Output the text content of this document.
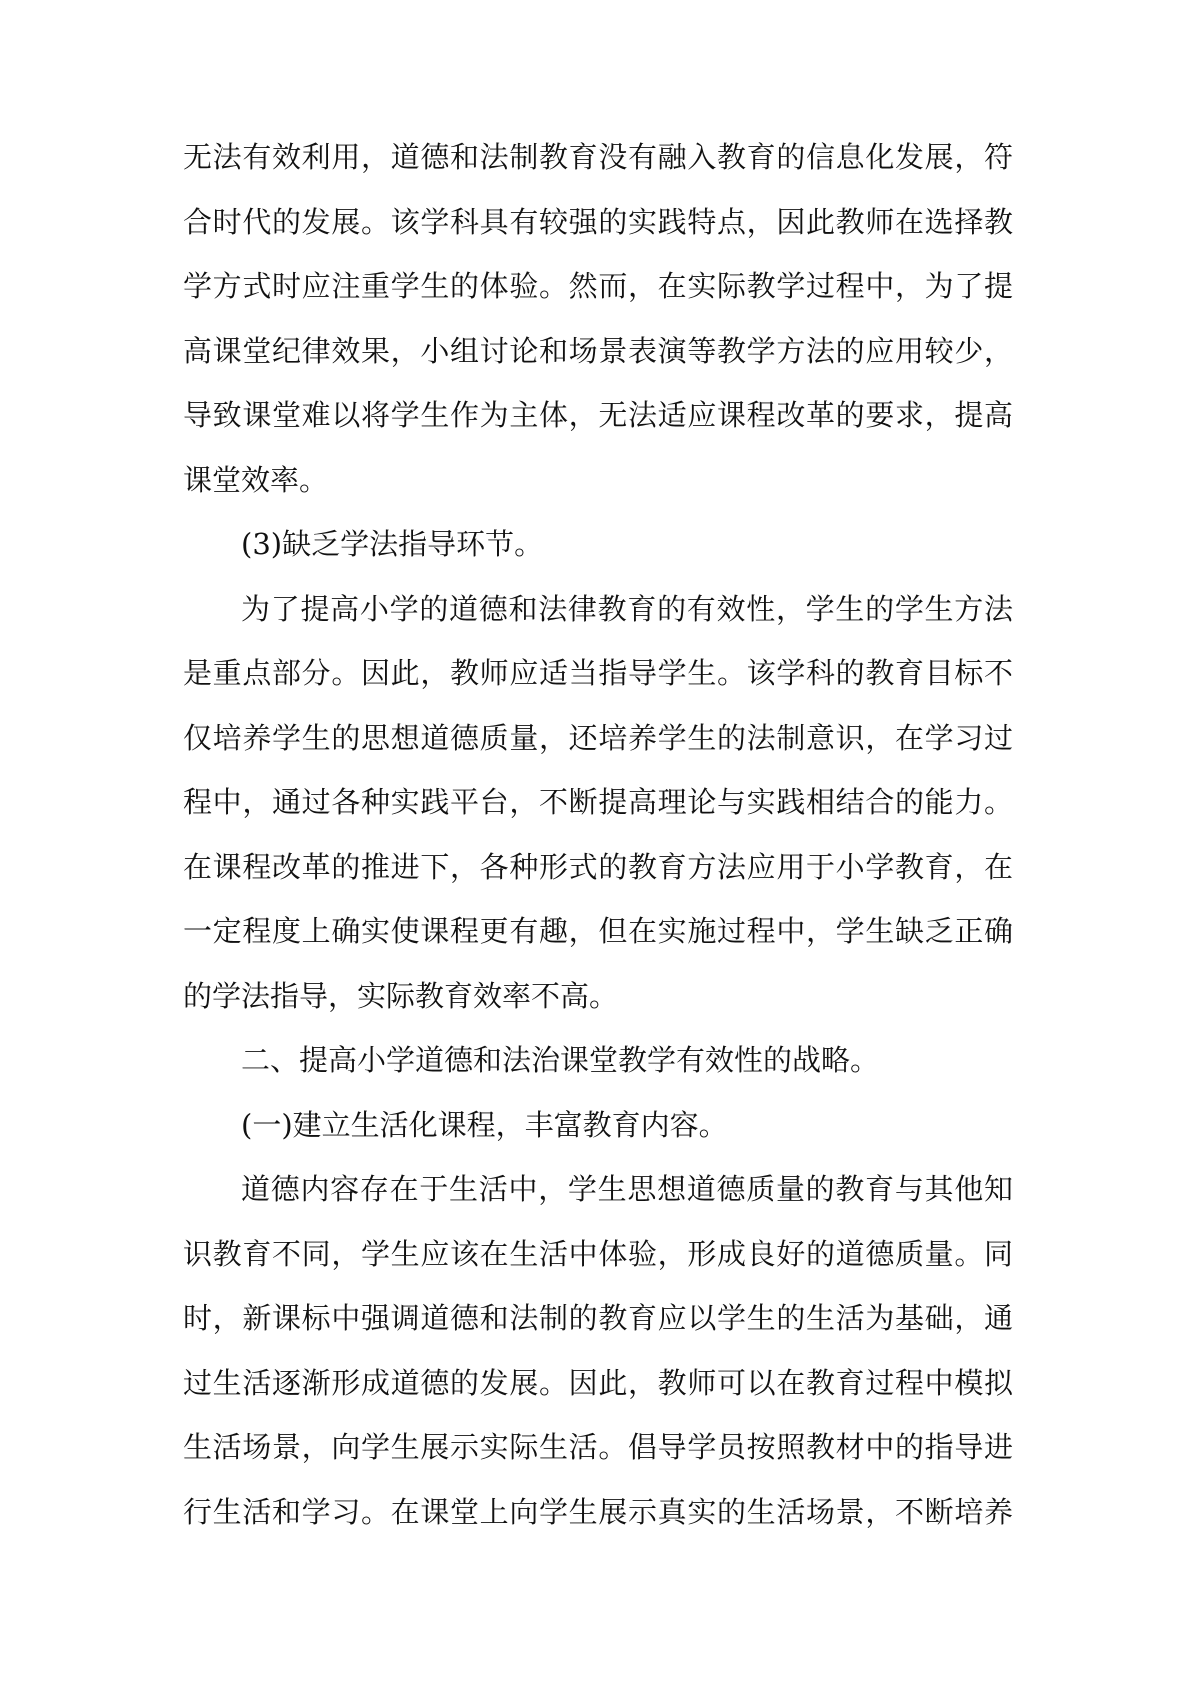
无法有效利用，道德和法制教育没有融入教育的信息化发展，符
合时代的发展。该学科具有较强的实践特点，因此教师在选择教
学方式时应注重学生的体验。然而，在实际教学过程中，为了提
高课堂纪律效果，小组讨论和场景表演等教学方法的应用较少，
导致课堂难以将学生作为主体，无法适应课程改革的要求，提高
课堂效率。
(3)缺乏学法指导环节。
为了提高小学的道德和法律教育的有效性，学生的学生方法
是重点部分。因此，教师应适当指导学生。该学科的教育目标不
仅培养学生的思想道德质量，还培养学生的法制意识，在学习过
程中，通过各种实践平台，不断提高理论与实践相结合的能力。
在课程改革的推进下，各种形式的教育方法应用于小学教育，在
一定程度上确实使课程更有趣，但在实施过程中，学生缺乏正确
的学法指导，实际教育效率不高。
二、提高小学道德和法治课堂教学有效性的战略。
(一)建立生活化课程，丰富教育内容。
道德内容存在于生活中，学生思想道德质量的教育与其他知
识教育不同，学生应该在生活中体验，形成良好的道德质量。同
时，新课标中强调道德和法制的教育应以学生的生活为基础，通
过生活逐渐形成道德的发展。因此，教师可以在教育过程中模拟
生活场景，向学生展示实际生活。倡导学员按照教材中的指导进
行生活和学习。在课堂上向学生展示真实的生活场景，不断培养
